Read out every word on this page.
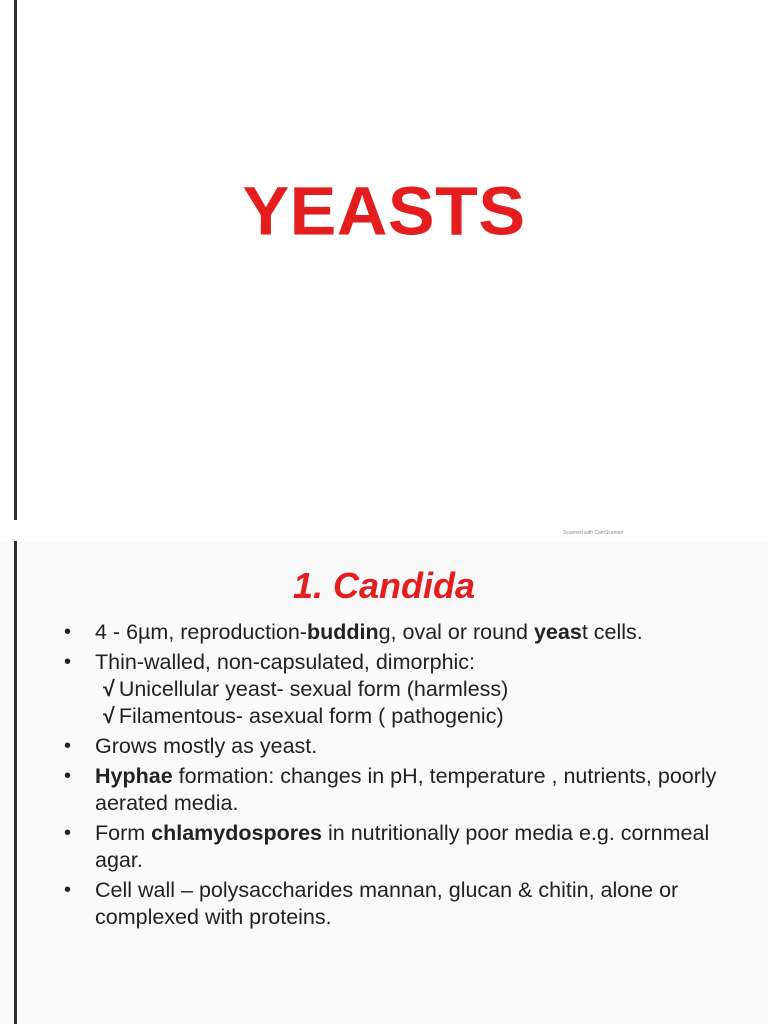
YEASTS
Scanned with CamScanner
1. Candida
• 4 - 6µm, reproduction-budding, oval or round yeast cells.
• Thin-walled, non-capsulated, dimorphic:
√ Unicellular yeast- sexual form (harmless)
√ Filamentous- asexual form ( pathogenic)
• Grows mostly as yeast.
• Hyphae formation: changes in pH, temperature , nutrients, poorly aerated media.
• Form chlamydospores in nutritionally poor media e.g. cornmeal agar.
• Cell wall – polysaccharides mannan, glucan & chitin, alone or complexed with proteins.
